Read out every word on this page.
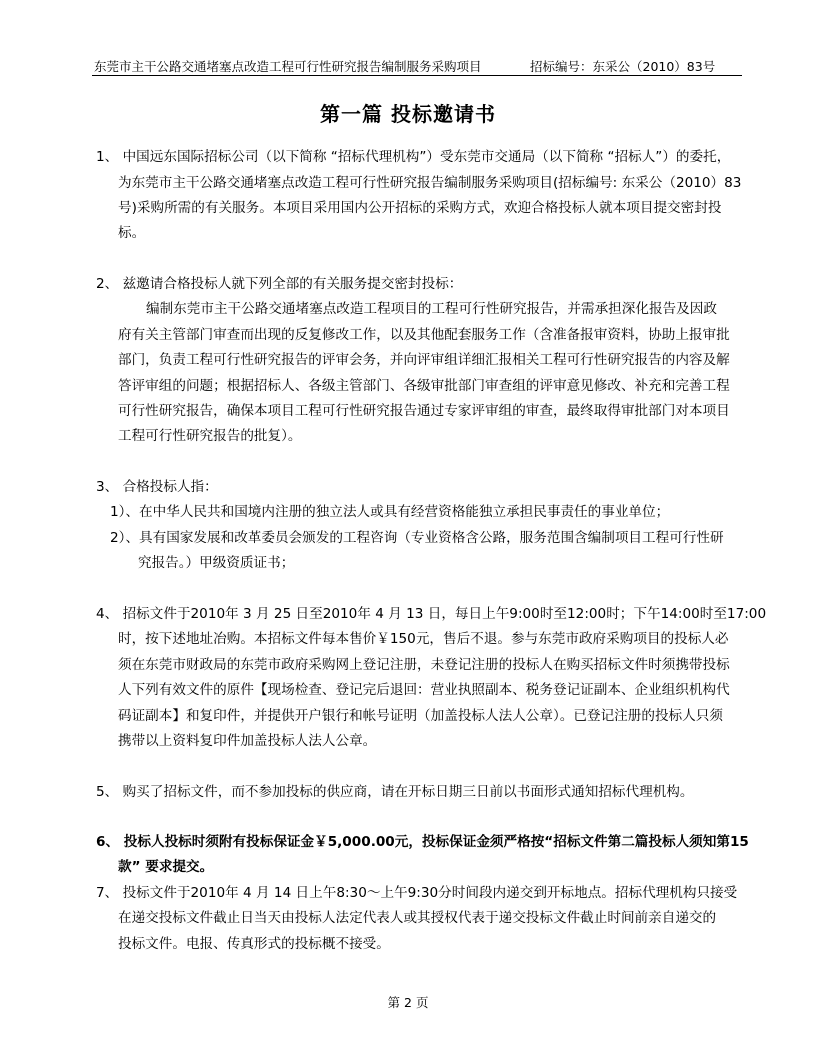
东莞市主干公路交通堵塞点改造工程可行性研究报告编制服务采购项目	招标编号：东采公（2010）83号
第一篇 投标邀请书
1、 中国远东国际招标公司（以下简称 “招标代理机构”）受东莞市交通局（以下简称 “招标人”）的委托，
为东莞市主干公路交通堵塞点改造工程可行性研究报告编制服务采购项目(招标编号: 东采公（2010）83
号)采购所需的有关服务。本项目采用国内公开招标的采购方式，欢迎合格投标人就本项目提交密封投
标。
2、 兹邀请合格投标人就下列全部的有关服务提交密封投标：
编制东莞市主干公路交通堵塞点改造工程项目的工程可行性研究报告，并需承担深化报告及因政
府有关主管部门审查而出现的反复修改工作，以及其他配套服务工作（含准备报审资料，协助上报审批
部门，负责工程可行性研究报告的评审会务，并向评审组详细汇报相关工程可行性研究报告的内容及解
答评审组的问题；根据招标人、各级主管部门、各级审批部门审查组的评审意见修改、补充和完善工程
可行性研究报告，确保本项目工程可行性研究报告通过专家评审组的审查，最终取得审批部门对本项目
工程可行性研究报告的批复）。
3、 合格投标人指：
1）、在中华人民共和国境内注册的独立法人或具有经营资格能独立承担民事责任的事业单位；
2）、具有国家发展和改革委员会颁发的工程咨询（专业资格含公路，服务范围含编制项目工程可行性研
究报告。）甲级资质证书；
4、 招标文件于2010年 3 月 25 日至2010年 4 月 13 日，每日上午9:00时至12:00时；下午14:00时至17:00
时，按下述地址冶购。本招标文件每本售价￥150元，售后不退。参与东莞市政府采购项目的投标人必
须在东莞市财政局的东莞市政府采购网上登记注册，未登记注册的投标人在购买招标文件时须携带投标
人下列有效文件的原件【现场检查、登记完后退回：营业执照副本、税务登记证副本、企业组织机构代
码证副本】和复印件，并提供开户银行和帐号证明（加盖投标人法人公章）。已登记注册的投标人只须
携带以上资料复印件加盖投标人法人公章。
5、 购买了招标文件，而不参加投标的供应商，请在开标日期三日前以书面形式通知招标代理机构。
6、 投标人投标时须附有投标保证金￥5,000.00元，投标保证金须严格按“招标文件第二篇投标人须知第15
款” 要求提交。
7、 投标文件于2010年 4 月 14 日上午8:30～上午9:30分时间段内递交到开标地点。招标代理机构只接受
在递交投标文件截止日当天由投标人法定代表人或其授权代表于递交投标文件截止时间前亲自递交的
投标文件。电报、传真形式的投标概不接受。
第 2 页
